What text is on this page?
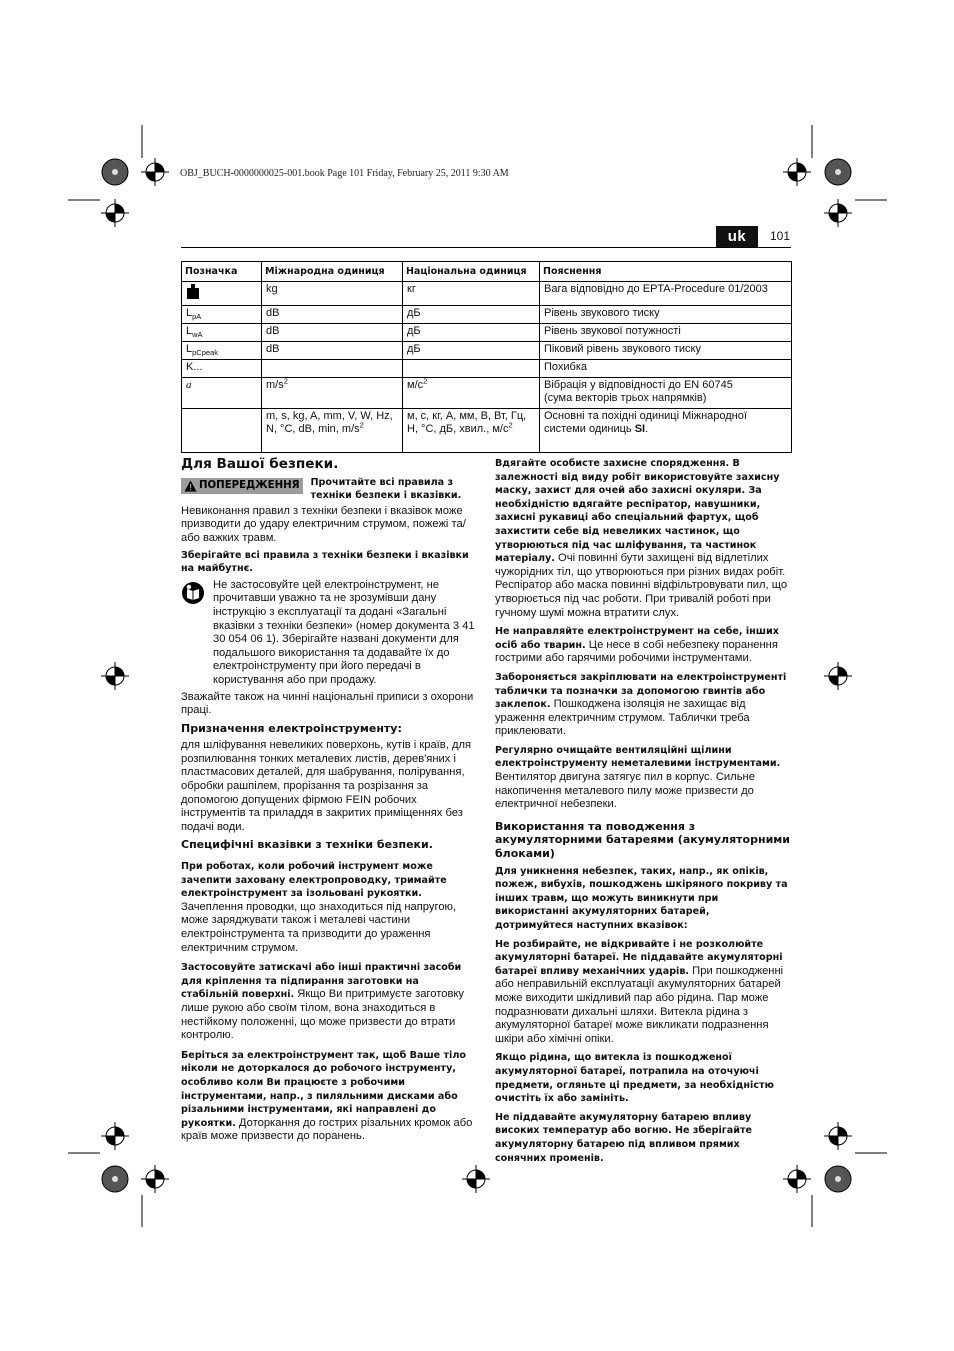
OBJ_BUCH-0000000025-001.book Page 101 Friday, February 25, 2011 9:30 AM
uk	101
Позначка	Міжнародна одиниця	Національна одиниця	Пояснення
	kg	кг	Вага відповідно до EPTA-Procedure 01/2003
$L_{pA}$	dB	дБ	Рівень звукового тиску
$L_{wA}$	dB	дБ	Рівень звукової потужності
$L_{pCpeak}$	dB	дБ	Піковий рівень звукового тиску
K...			Похибка
a	$m/s^2$	$м/с^2$	Вібрація у відповідності до EN 60745
(сума векторів трьох напрямків)
	m, s, kg, A, mm, V, W, Hz, N, °C, dB, min, $m/s^2$	м, с, кг, А, мм, В, Вт, Гц, Н, °C, дБ, хвил., $м/с^2$	Основні та похідні одиниці Міжнародної системи одиниць SI.
Для Вашої безпеки.
ПОПЕРЕДЖЕННЯ Прочитайте всі правила з техніки безпеки і вказівки.

Невиконання правил з техніки безпеки і вказівок може призводити до удару електричним струмом, пожежі та/або важких травм.

Зберігайте всі правила з техніки безпеки і вказівки на майбутнє.

Не застосовуйте цей електроінструмент, не прочитавши уважно та не зрозумівши дану інструкцію з експлуатації та додані «Загальні вказівки з техніки безпеки» (номер документа 3 41 30 054 06 1). Зберігайте названі документи для подальшого використання та додавайте їх до електроінструменту при його передачі в користування або при продажу.

Зважайте також на чинні національні приписи з охорони праці.

Призначення електроінструменту:

для шліфування невеликих поверхонь, кутів і країв, для розпилювання тонких металевих листів, дерев'яних і пластмасових деталей, для шабрування, полірування, обробки рашпілем, прорізання та розрізання за допомогою допущених фірмою FEIN робочих інструментів та приладдя в закритих приміщеннях без подачі води.

Специфічні вказівки з техніки безпеки.

При роботах, коли робочий інструмент може зачепити заховану електропроводку, тримайте електроінструмент за ізольовані рукоятки.
Зачеплення проводки, що знаходиться під напругою, може заряджувати також і металеві частини електроінструмента та призводити до ураження електричним струмом.

Застосовуйте затискачі або інші практичні засоби для кріплення та підпирання заготовки на стабільній поверхні. Якщо Ви притримуєте заготовку лише рукою або своїм тілом, вона знаходиться в нестійкому положенні, що може призвести до втрати контролю.

Беріться за електроінструмент так, щоб Ваше тіло ніколи не доторкалося до робочого інструменту, особливо коли Ви працюєте з робочими інструментами, напр., з пиляльними дисками або різальними інструментами, які направлені до рукоятки. Доторкання до гострих різальних кромок або країв може призвести до поранень.

Вдягайте особисте захисне спорядження. В залежності від виду робіт використовуйте захисну маску, захист для очей або захисні окуляри. За необхідністю вдягайте респіратор, навушники, захисні рукавиці або спеціальний фартух, щоб захистити себе від невеликих частинок, що утворюються під час шліфування, та частинок матеріалу. Очі повинні бути захищені від відлетілих чужорідних тіл, що утворюються при різних видах робіт. Респіратор або маска повинні відфільтровувати пил, що утворюється під час роботи. При тривалій роботі при гучному шумі можна втратити слух.

Не направляйте електроінструмент на себе, інших осіб або тварин. Це несе в собі небезпеку поранення гострими або гарячими робочими інструментами.

Забороняється закріплювати на електроінструменті таблички та позначки за допомогою гвинтів або заклепок. Пошкоджена ізоляція не захищає від ураження електричним струмом. Таблички треба приклеювати.

Регулярно очищайте вентиляційні щілини електроінструменту неметалевими інструментами. Вентилятор двигуна затягує пил в корпус. Сильне накопичення металевого пилу може призвести до електричної небезпеки.

Використання та поводження з акумуляторними батареями (акумуляторними блоками)

Для уникнення небезпек, таких, напр., як опіків, пожеж, вибухів, пошкоджень шкіряного покриву та інших травм, що можуть виникнути при використанні акумуляторних батарей, дотримуйтеся наступних вказівок:

Не розбирайте, не відкривайте і не розколюйте акумуляторні батареї. Не піддавайте акумуляторні батареї впливу механічних ударів. При пошкодженні або неправильній експлуатації акумуляторних батарей може виходити шкідливий пар або рідина. Пар може подразнювати дихальні шляхи. Витекла рідина з акумуляторної батареї може викликати подразнення шкіри або хімічні опіки.

Якщо рідина, що витекла із пошкодженої акумуляторної батареї, потрапила на оточуючі предмети, огляньте ці предмети, за необхідністю очистіть їх або замініть.

Не піддавайте акумуляторну батарею впливу високих температур або вогню. Не зберігайте акумуляторну батарею під впливом прямих сонячних променів.
